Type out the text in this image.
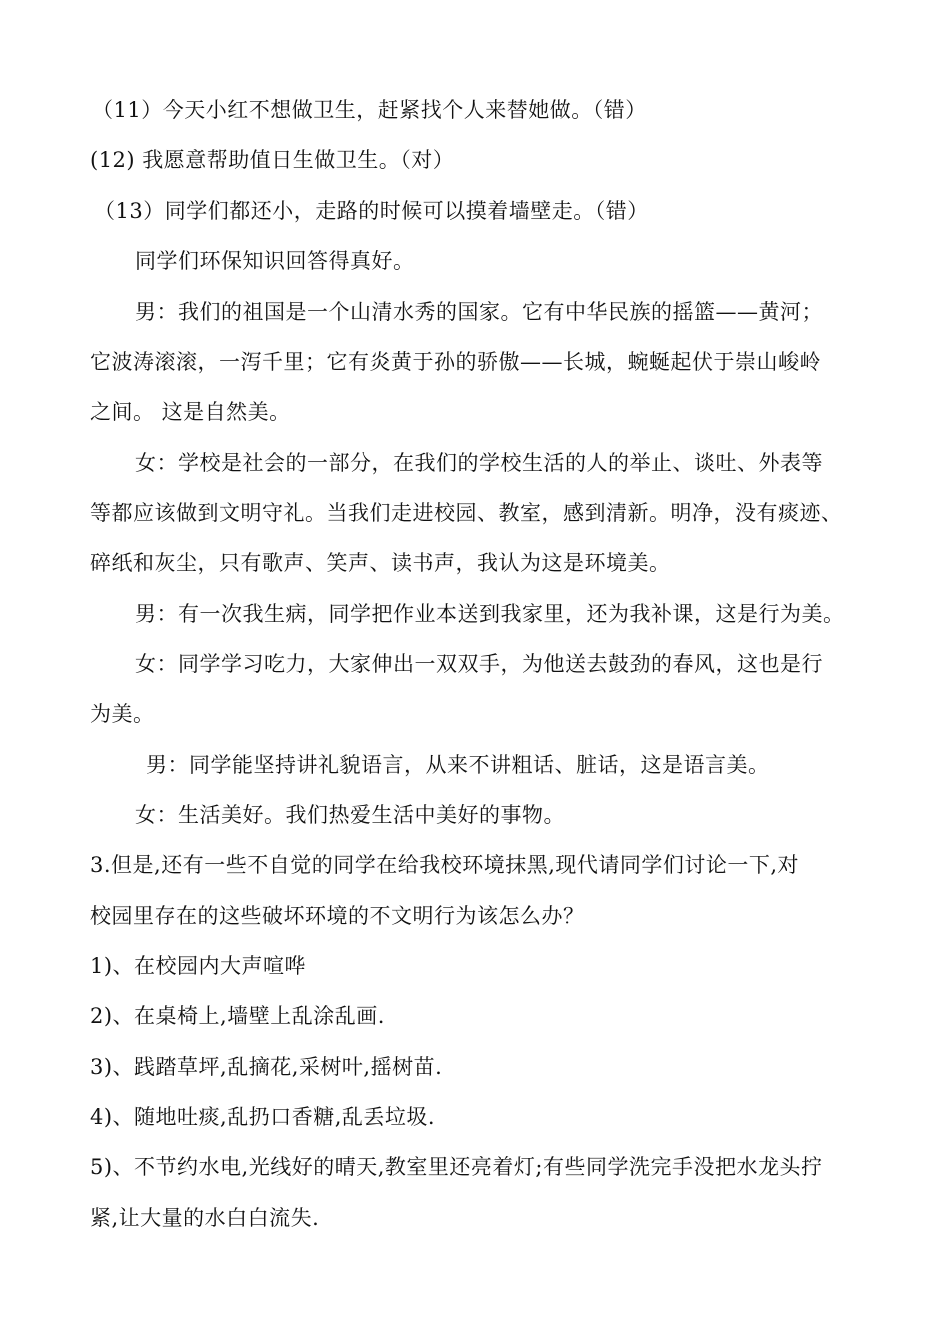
（11）今天小红不想做卫生，赶紧找个人来替她做。（错）
(12) 我愿意帮助值日生做卫生。（对）
（13）同学们都还小，走路的时候可以摸着墙壁走。（错）
同学们环保知识回答得真好。
男：我们的祖国是一个山清水秀的国家。它有中华民族的摇篮——黄河；
它波涛滚滚，一泻千里；它有炎黄于孙的骄傲——长城，蜿蜒起伏于崇山峻岭
之间。 这是自然美。
女：学校是社会的一部分，在我们的学校生活的人的举止、谈吐、外表等
等都应该做到文明守礼。当我们走进校园、教室，感到清新。明净，没有痰迹、
碎纸和灰尘，只有歌声、笑声、读书声，我认为这是环境美。
男：有一次我生病，同学把作业本送到我家里，还为我补课，这是行为美。
女：同学学习吃力，大家伸出一双双手，为他送去鼓劲的春风，这也是行
为美。
男：同学能坚持讲礼貌语言，从来不讲粗话、脏话，这是语言美。
女：生活美好。我们热爱生活中美好的事物。
3.但是,还有一些不自觉的同学在给我校环境抹黑,现代请同学们讨论一下,对
校园里存在的这些破坏环境的不文明行为该怎么办？
1)、在校园内大声喧哗
2)、在桌椅上,墙壁上乱涂乱画.
3)、践踏草坪,乱摘花,采树叶,摇树苗.
4)、随地吐痰,乱扔口香糖,乱丢垃圾.
5)、不节约水电,光线好的晴天,教室里还亮着灯;有些同学洗完手没把水龙头拧
紧,让大量的水白白流失.
